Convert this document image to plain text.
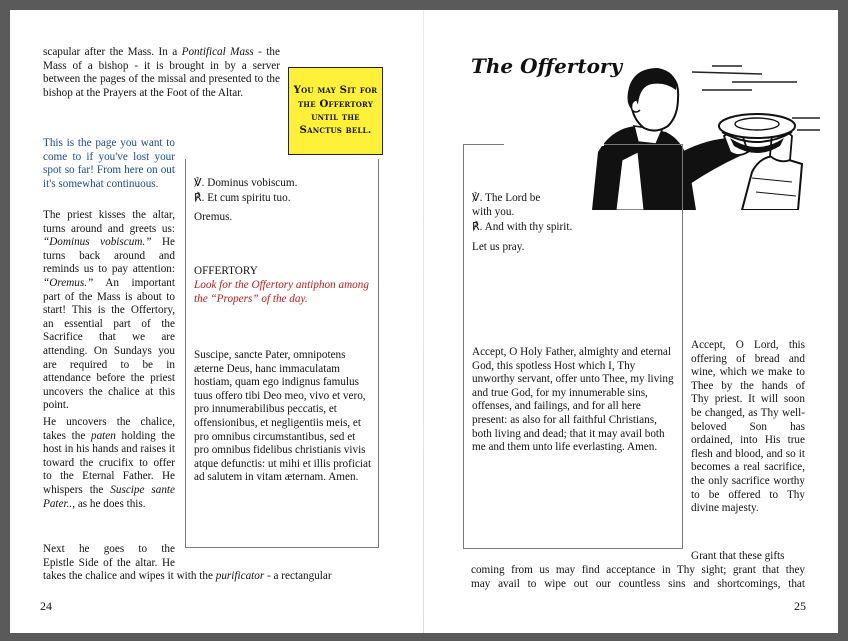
scapular after the Mass. In a Pontifical Mass - the Mass of a bishop - it is brought in by a server between the pages of the missal and presented to the bishop at the Prayers at the Foot of the Altar.	You may Sit for the Offertory until the Sanctus bell.
This is the page you want to come to if you've lost your spot so far! From here on out it's somewhat continuous.
The priest kisses the altar, turns around and greets us: “Dominus vobiscum.” He turns back around and reminds us to pay attention: “Oremus.” An important part of the Mass is about to start! This is the Offertory, an essential part of the Sacrifice that we are attending. On Sundays you are required to be in attendance before the priest uncovers the chalice at this point.
He uncovers the chalice, takes the paten holding the host in his hands and raises it toward the crucifix to offer to the Eternal Father. He whispers the Suscipe sante Pater.., as he does this.
Next he goes to the
Epistle Side of the altar. He
takes the chalice and wipes it with the purificator - a rectangular
℣. Dominus vobiscum.
℟. Et cum spiritu tuo.
Oremus.
OFFERTORY
Look for the Offertory antiphon among the “Propers” of the day.
Suscipe, sancte Pater, omnipotens æterne Deus, hanc immaculatam hostiam, quam ego indignus famulus tuus offero tibi Deo meo, vivo et vero, pro innumerabilibus peccatis, et offensionibus, et negligentiis meis, et pro omnibus circumstantibus, sed et pro omnibus fidelibus christianis vivis atque defunctis: ut mihi et illis proficiat ad salutem in vitam æternam. Amen.
24
The Offertory
℣. The Lord be with you.
℟. And with thy spirit.
Let us pray.
Accept, O Holy Father, almighty and eternal God, this spotless Host which I, Thy unworthy servant, offer unto Thee, my living and true God, for my innumerable sins, offenses, and failings, and for all here present: as also for all faithful Christians, both living and dead; that it may avail both me and them unto life everlasting. Amen.
Accept, O Lord, this offering of bread and wine, which we make to Thee by the hands of Thy priest. It will soon be changed, as Thy well-beloved Son has ordained, into His true flesh and blood, and so it becomes a real sacrifice, the only sacrifice worthy to be offered to Thy divine majesty.
Grant that these gifts
coming from us may find acceptance in Thy sight; grant that they
may avail to wipe out our countless sins and shortcomings, that
25
